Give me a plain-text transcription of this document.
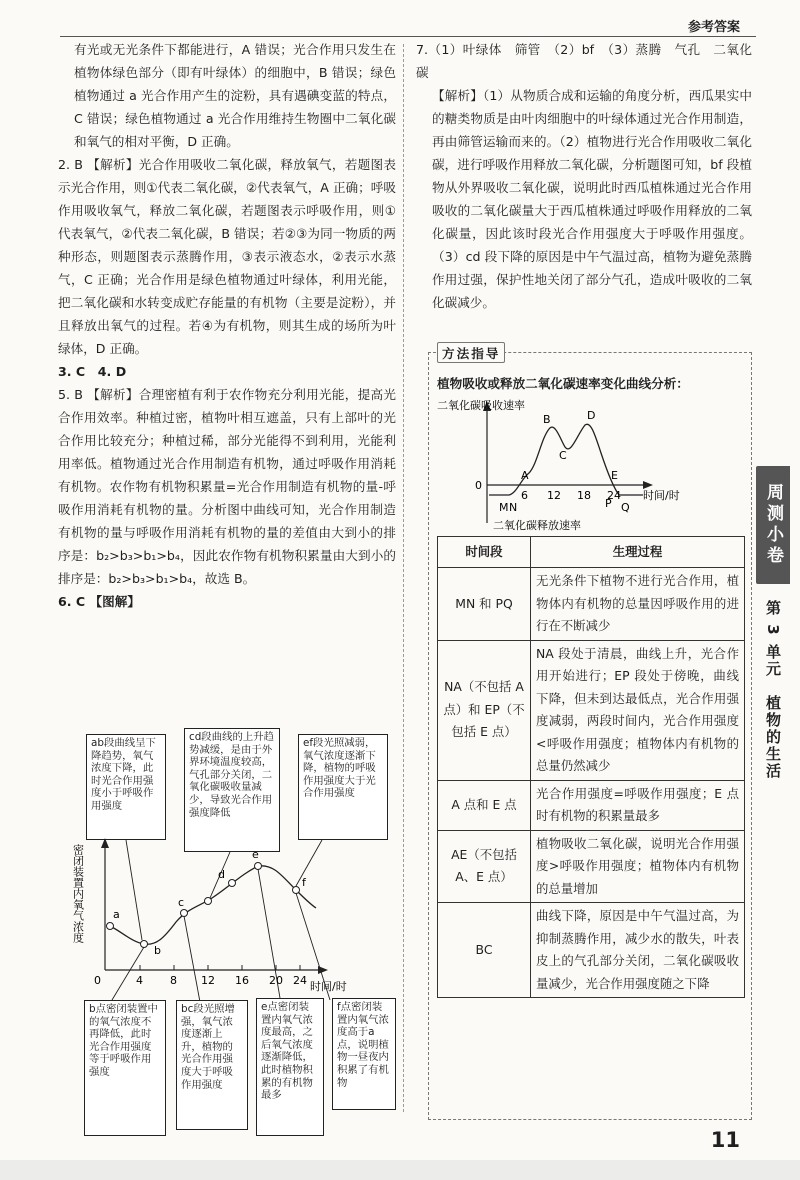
参考答案

有光或无光条件下都能进行，A 错误；光合作用只发生在植物体绿色部分（即有叶绿体）的细胞中，B 错误；绿色植物通过 a 光合作用产生的淀粉，具有遇碘变蓝的特点，C 错误；绿色植物通过 a 光合作用维持生物圈中二氧化碳和氧气的相对平衡，D 正确。

2. B 【解析】光合作用吸收二氧化碳，释放氧气，若题图表示光合作用，则①代表二氧化碳，②代表氧气，A 正确；呼吸作用吸收氧气，释放二氧化碳，若题图表示呼吸作用，则①代表氧气，②代表二氧化碳，B 错误；若②③为同一物质的两种形态，则题图表示蒸腾作用，③表示液态水，②表示水蒸气，C 正确；光合作用是绿色植物通过叶绿体，利用光能，把二氧化碳和水转变成贮存能量的有机物（主要是淀粉），并且释放出氧气的过程。若④为有机物，则其生成的场所为叶绿体，D 正确。

3. C　4. D

5. B 【解析】合理密植有利于农作物充分利用光能，提高光合作用效率。种植过密，植物叶相互遮盖，只有上部叶的光合作用比较充分；种植过稀，部分光能得不到利用，光能利用率低。植物通过光合作用制造有机物，通过呼吸作用消耗有机物。农作物有机物积累量=光合作用制造有机物的量-呼吸作用消耗有机物的量。分析图中曲线可知，光合作用制造有机物的量与呼吸作用消耗有机物的量的差值由大到小的排序是：b₂>b₃>b₁>b₄，因此农作物有机物积累量由大到小的排序是：b₂>b₃>b₁>b₄，故选 B。

6. C 【图解】

ab段曲线呈下降趋势，氧气浓度下降，此时光合作用强度小于呼吸作用强度
cd段曲线的上升趋势减缓，是由于外界环境温度较高，气孔部分关闭，二氧化碳吸收量减少，导致光合作用强度降低
ef段光照减弱，氧气浓度逐渐下降，植物的呼吸作用强度大于光合作用强度
密闭装置内氧气浓度
0	4 8 12 16 20 24 时间/时
a
b
c
d
e
f
b点密闭装置中的氧气浓度不再降低，此时光合作用强度等于呼吸作用强度
bc段光照增强，氧气浓度逐渐上升，植物的光合作用强度大于呼吸作用强度
e点密闭装置内氧气浓度最高，之后氧气浓度逐渐降低，此时植物积累的有机物最多
f点密闭装置内氧气浓度高于a点，说明植物一昼夜内积累了有机物

7.（1）叶绿体　筛管　（2）bf　（3）蒸腾　气孔　二氧化碳

【解析】（1）从物质合成和运输的角度分析，西瓜果实中的糖类物质是由叶肉细胞中的叶绿体通过光合作用制造，再由筛管运输而来的。（2）植物进行光合作用吸收二氧化碳，进行呼吸作用释放二氧化碳，分析题图可知，bf 段植物从外界吸收二氧化碳，说明此时西瓜植株通过光合作用吸收的二氧化碳量大于西瓜植株通过呼吸作用释放的二氧化碳量，因此该时段光合作用强度大于呼吸作用强度。（3）cd 段下降的原因是中午气温过高，植物为避免蒸腾作用过强，保护性地关闭了部分气孔，造成叶吸收的二氧化碳减少。

方法指导
植物吸收或释放二氧化碳速率变化曲线分析：
二氧化碳吸收速率
二氧化碳释放速率
0
6 12 18 24 时间/时
A
B
C
D
E
M N	P Q
时间段	生理过程
MN 和 PQ	无光条件下植物不进行光合作用，植物体内有机物的总量因呼吸作用的进行在不断减少
NA（不包括 A 点）和 EP（不包括 E 点）	NA 段处于清晨，曲线上升，光合作用开始进行；EP 段处于傍晚，曲线下降，但未到达最低点，光合作用强度减弱，两段时间内，光合作用强度<呼吸作用强度；植物体内有机物的总量仍然减少
A 点和 E 点	光合作用强度=呼吸作用强度；E 点时有机物的积累量最多
AE（不包括 A、E 点）	植物吸收二氧化碳，说明光合作用强度>呼吸作用强度；植物体内有机物的总量增加
BC	曲线下降，原因是中午气温过高，为抑制蒸腾作用，减少水的散失，叶表皮上的气孔部分关闭，二氧化碳吸收量减少，光合作用强度随之下降
周测小卷
第 3 单元　植物的生活
11
